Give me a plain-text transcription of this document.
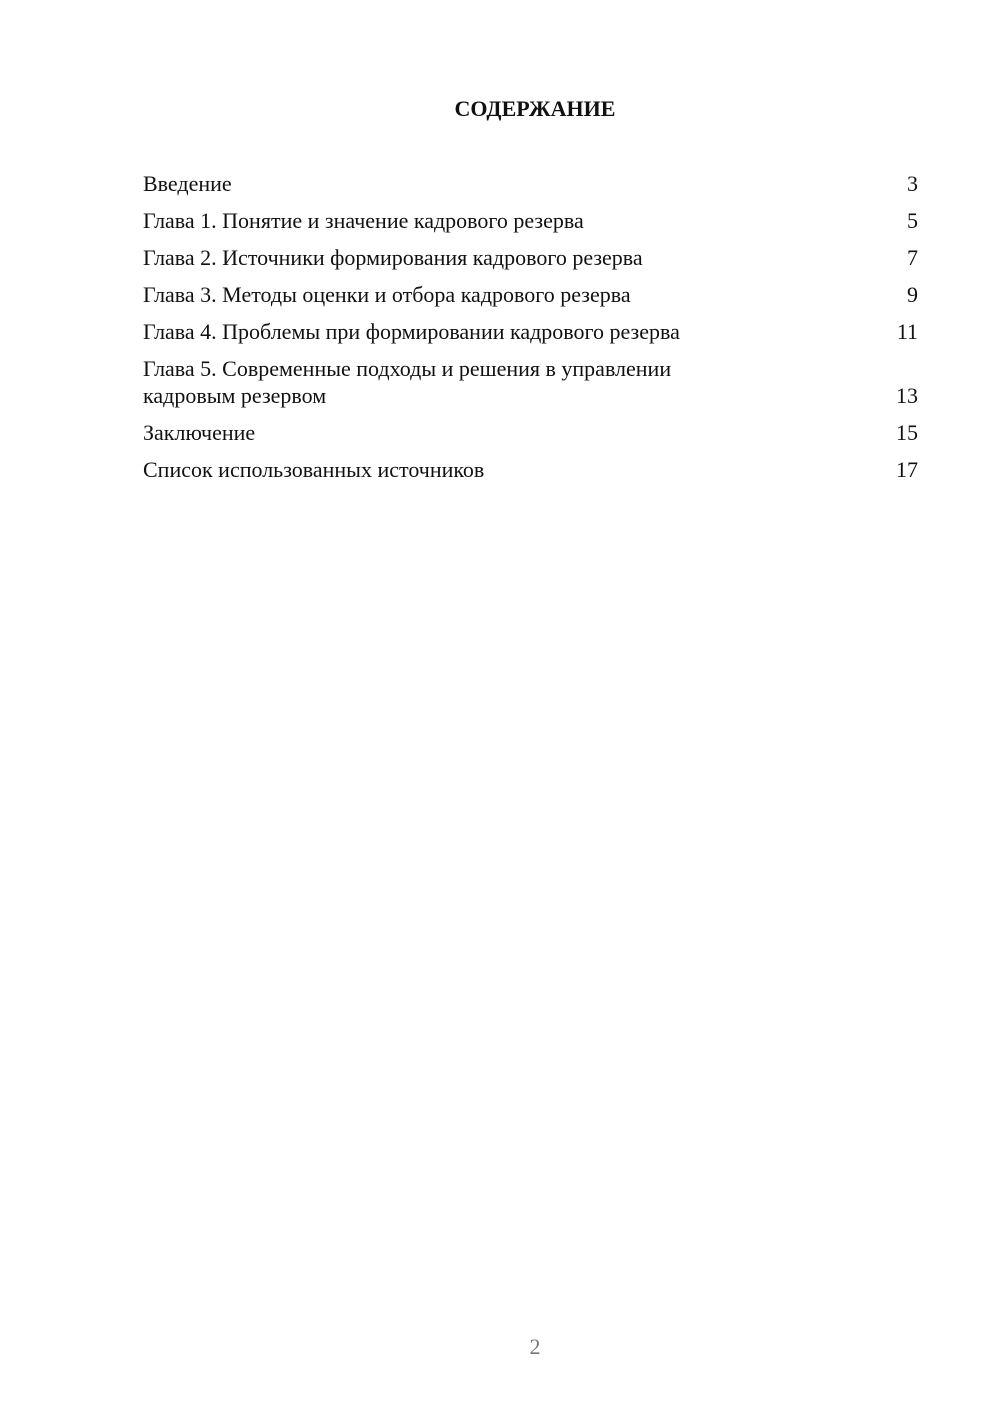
СОДЕРЖАНИЕ
Введение	3
Глава 1. Понятие и значение кадрового резерва	5
Глава 2. Источники формирования кадрового резерва	7
Глава 3. Методы оценки и отбора кадрового резерва	9
Глава 4. Проблемы при формировании кадрового резерва	11
Глава 5. Современные подходы и решения в управлении
кадровым резервом	13
Заключение	15
Список использованных источников	17
2
